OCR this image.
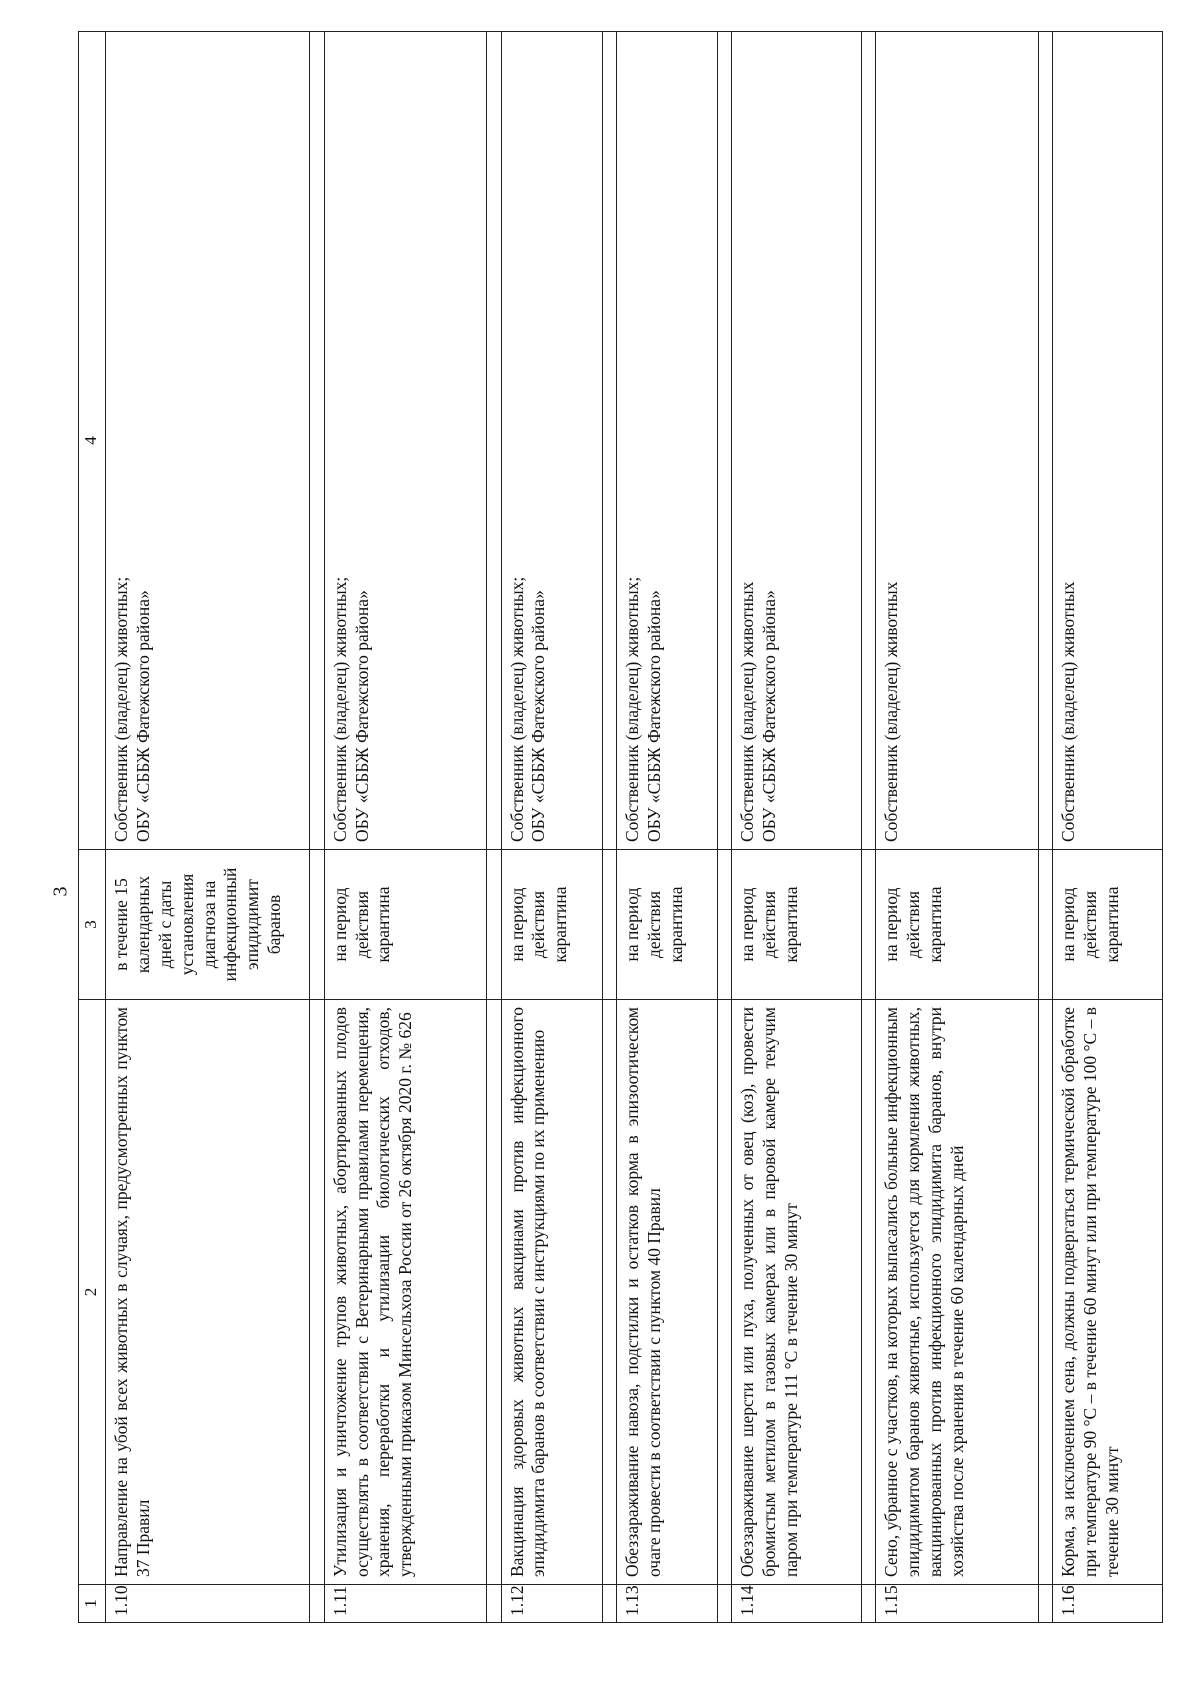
3
1	2	3	4
1.10	Направление на убой всех животных в случаях, предусмотренных пунктом 37 Правил	в течение 15 календарных дней с даты установления диагноза на инфекционный эпидидимит баранов	Собственник (владелец) животных; ОБУ «СББЖ Фатежского района»

1.11	Утилизация и уничтожение трупов животных, абортированных плодов осуществлять в соответствии с Ветеринарными правилами перемещения, хранения, переработки и утилизации биологических отходов, утвержденными приказом Минсельхоза России от 26 октября 2020 г. № 626	на период действия карантина	Собственник (владелец) животных; ОБУ «СББЖ Фатежского района»

1.12	Вакцинация здоровых животных вакцинами против инфекционного эпидидимита баранов в соответствии с инструкциями по их применению	на период действия карантина	Собственник (владелец) животных; ОБУ «СББЖ Фатежского района»

1.13	Обеззараживание навоза, подстилки и остатков корма в эпизоотическом очаге провести в соответствии с пунктом 40 Правил	на период действия карантина	Собственник (владелец) животных; ОБУ «СББЖ Фатежского района»

1.14	Обеззараживание шерсти или пуха, полученных от овец (коз), провести бромистым метилом в газовых камерах или в паровой камере текучим паром при температуре 111 °С в течение 30 минут	на период действия карантина	Собственник (владелец) животных ОБУ «СББЖ Фатежского района»

1.15	Сено, убранное с участков, на которых выпасались больные инфекционным эпидидимитом баранов животные, используется для кормления животных, вакцинированных против инфекционного эпидидимита баранов, внутри хозяйства после хранения в течение 60 календарных дней	на период действия карантина	Собственник (владелец) животных

1.16	Корма, за исключением сена, должны подвергаться термической обработке при температуре 90 °С – в течение 60 минут или при температуре 100 °С – в течение 30 минут	на период действия карантина	Собственник (владелец) животных
